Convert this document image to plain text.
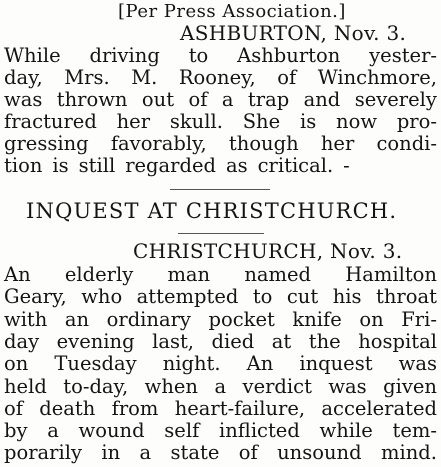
[Per Press Association.]
ASHBURTON, Nov. 3.
While driving to Ashburton yester-
day, Mrs. M. Rooney, of Winchmore,
was thrown out of a trap and severely
fractured her skull. She is now pro-
gressing favorably, though her condi-
tion is still regarded as critical. -
INQUEST AT CHRISTCHURCH.
CHRISTCHURCH, Nov. 3.
An elderly man named Hamilton
Geary, who attempted to cut his throat
with an ordinary pocket knife on Fri-
day evening last, died at the hospital
on Tuesday night. An inquest was
held to-day, when a verdict was given
of death from heart-failure, accelerated
by a wound self inflicted while tem-
porarily in a state of unsound mind.
